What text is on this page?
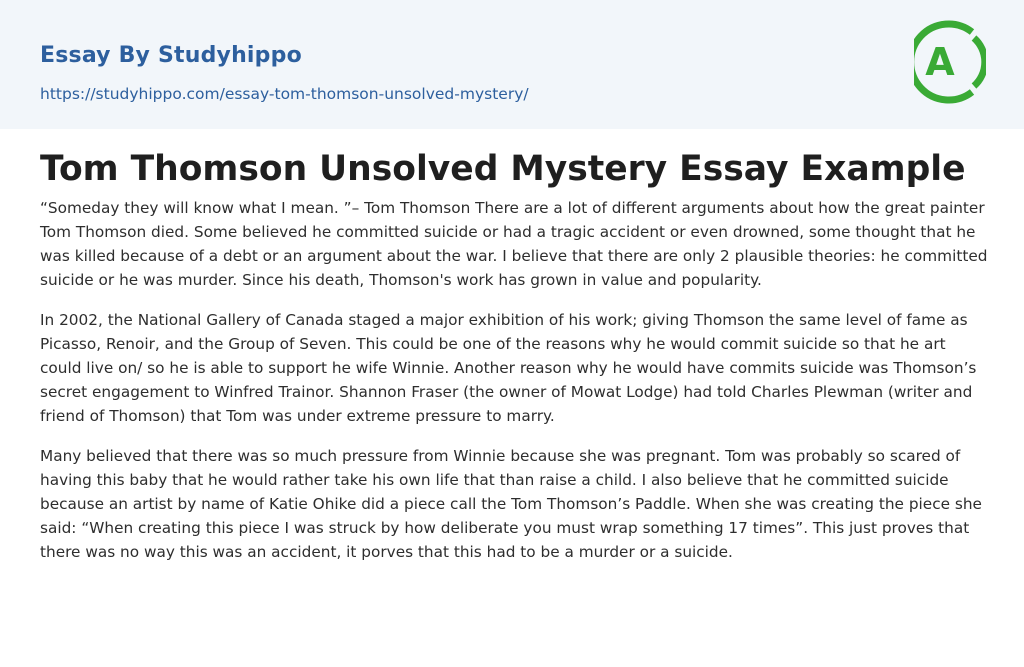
Essay By Studyhippo
https://studyhippo.com/essay-tom-thomson-unsolved-mystery/
A
Tom Thomson Unsolved Mystery Essay Example

“Someday they will know what I mean. ”– Tom Thomson There are a lot of different arguments about how the great painter Tom Thomson died. Some believed he committed suicide or had a tragic accident or even drowned, some thought that he was killed because of a debt or an argument about the war. I believe that there are only 2 plausible theories: he committed suicide or he was murder. Since his death, Thomson's work has grown in value and popularity.

In 2002, the National Gallery of Canada staged a major exhibition of his work; giving Thomson the same level of fame as Picasso, Renoir, and the Group of Seven. This could be one of the reasons why he would commit suicide so that he art could live on/ so he is able to support he wife Winnie. Another reason why he would have commits suicide was Thomson’s secret engagement to Winfred Trainor. Shannon Fraser (the owner of Mowat Lodge) had told Charles Plewman (writer and friend of Thomson) that Tom was under extreme pressure to marry.

Many believed that there was so much pressure from Winnie because she was pregnant. Tom was probably so scared of having this baby that he would rather take his own life that than raise a child. I also believe that he committed suicide because an artist by name of Katie Ohike did a piece call the Tom Thomson’s Paddle. When she was creating the piece she said: “When creating this piece I was struck by how deliberate you must wrap something 17 times”. This just proves that there was no way this was an accident, it porves that this had to be a murder or a suicide.
